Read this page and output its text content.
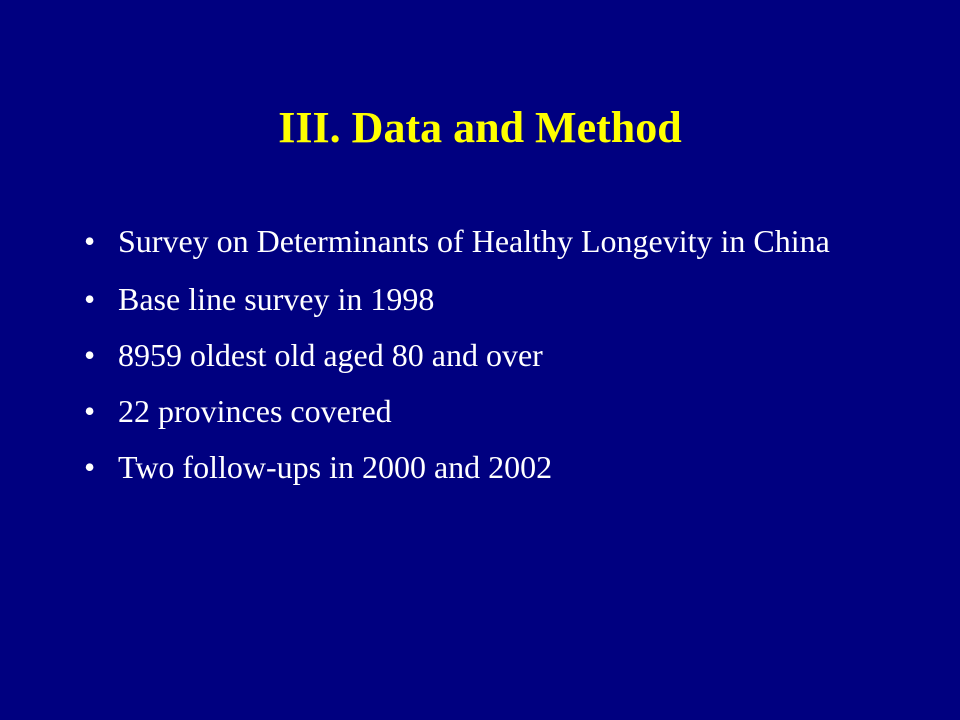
III. Data and Method
• Survey on Determinants of Healthy Longevity in China
• Base line survey in 1998
• 8959 oldest old aged 80 and over
• 22 provinces covered
• Two follow-ups in 2000 and 2002
